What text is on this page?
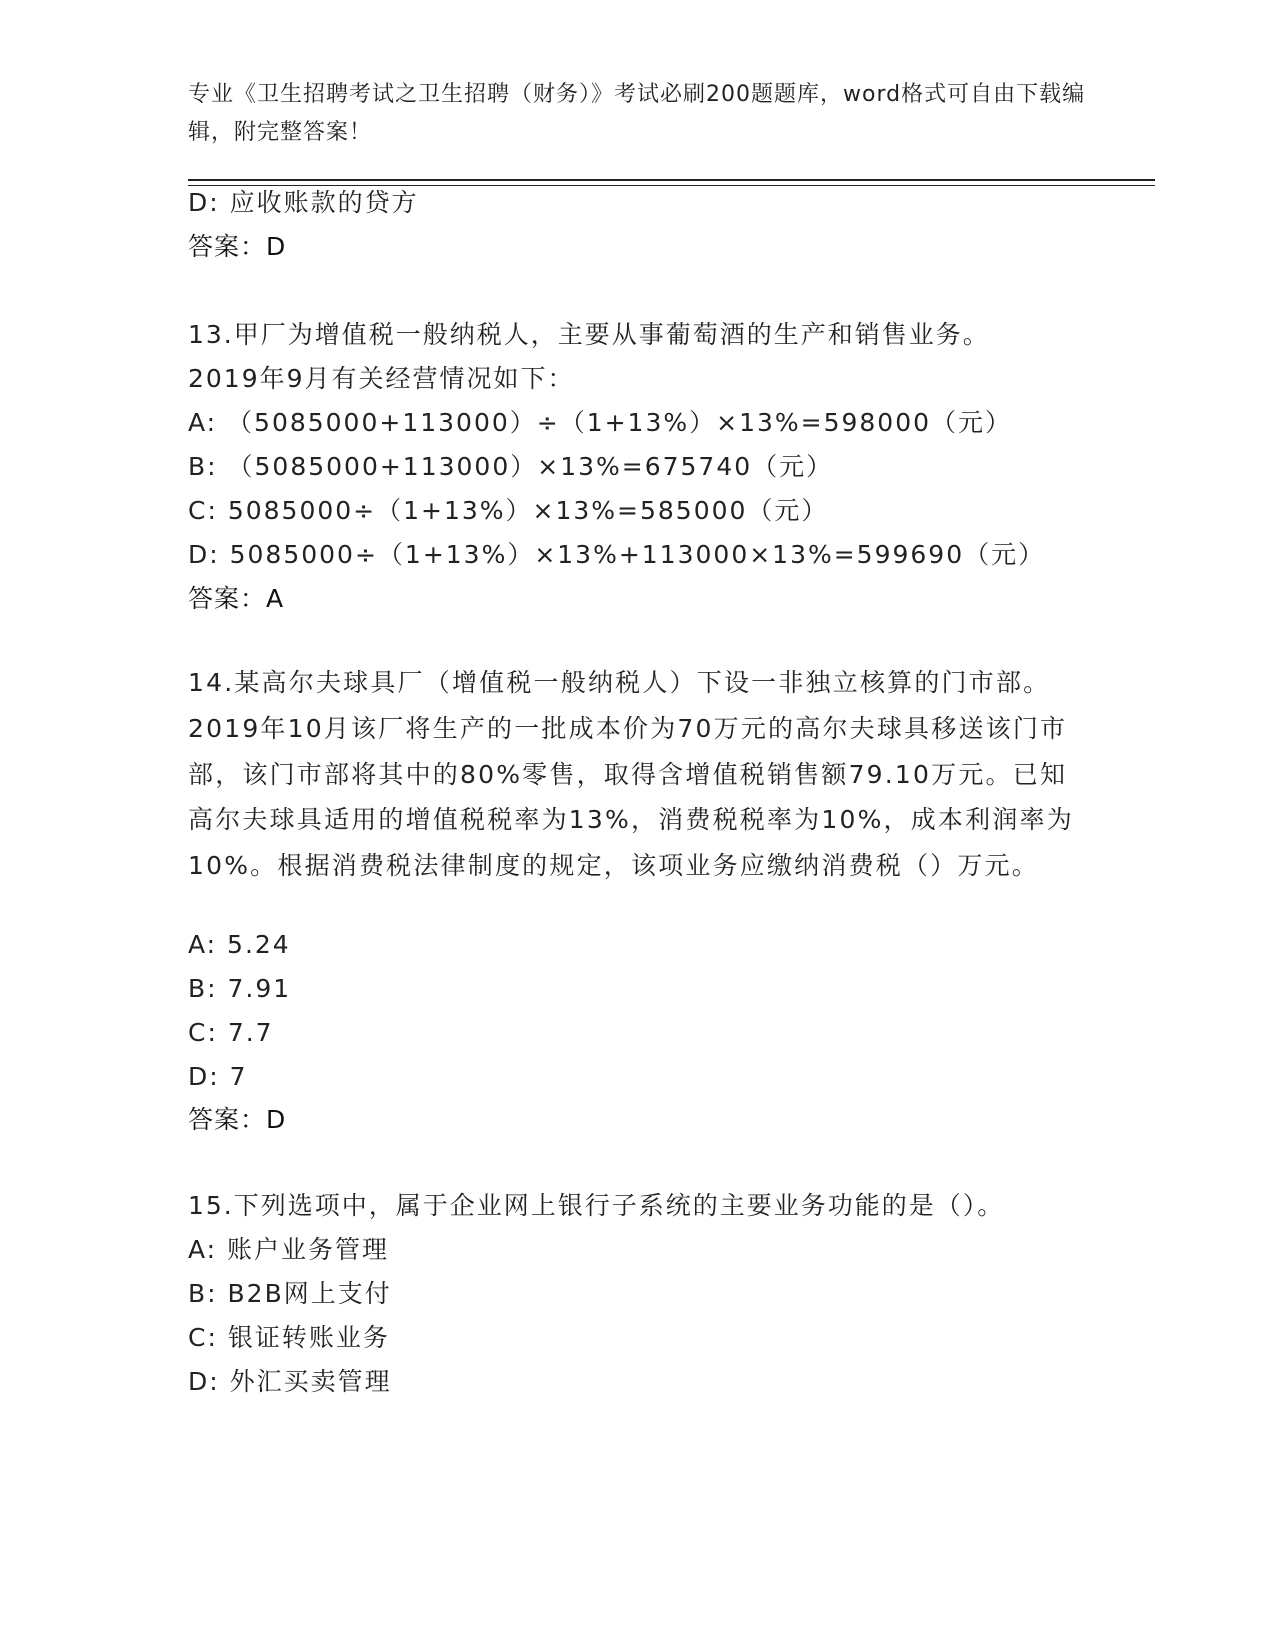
专业《卫生招聘考试之卫生招聘（财务）》考试必刷200题题库，word格式可自由下载编辑，附完整答案！
D: 应收账款的贷方
答案：D
13.甲厂为增值税一般纳税人，主要从事葡萄酒的生产和销售业务。
2019年9月有关经营情况如下：
A: （5085000+113000）÷（1+13%）×13%=598000（元）
B: （5085000+113000）×13%=675740（元）
C: 5085000÷（1+13%）×13%=585000（元）
D: 5085000÷（1+13%）×13%+113000×13%=599690（元）
答案：A
14.某高尔夫球具厂（增值税一般纳税人）下设一非独立核算的门市部。2019年10月该厂将生产的一批成本价为70万元的高尔夫球具移送该门市部，该门市部将其中的80%零售，取得含增值税销售额79.10万元。已知高尔夫球具适用的增值税税率为13%，消费税税率为10%，成本利润率为10%。根据消费税法律制度的规定，该项业务应缴纳消费税（）万元。
A: 5.24
B: 7.91
C: 7.7
D: 7
答案：D
15.下列选项中，属于企业网上银行子系统的主要业务功能的是（）。
A: 账户业务管理
B: B2B网上支付
C: 银证转账业务
D: 外汇买卖管理
